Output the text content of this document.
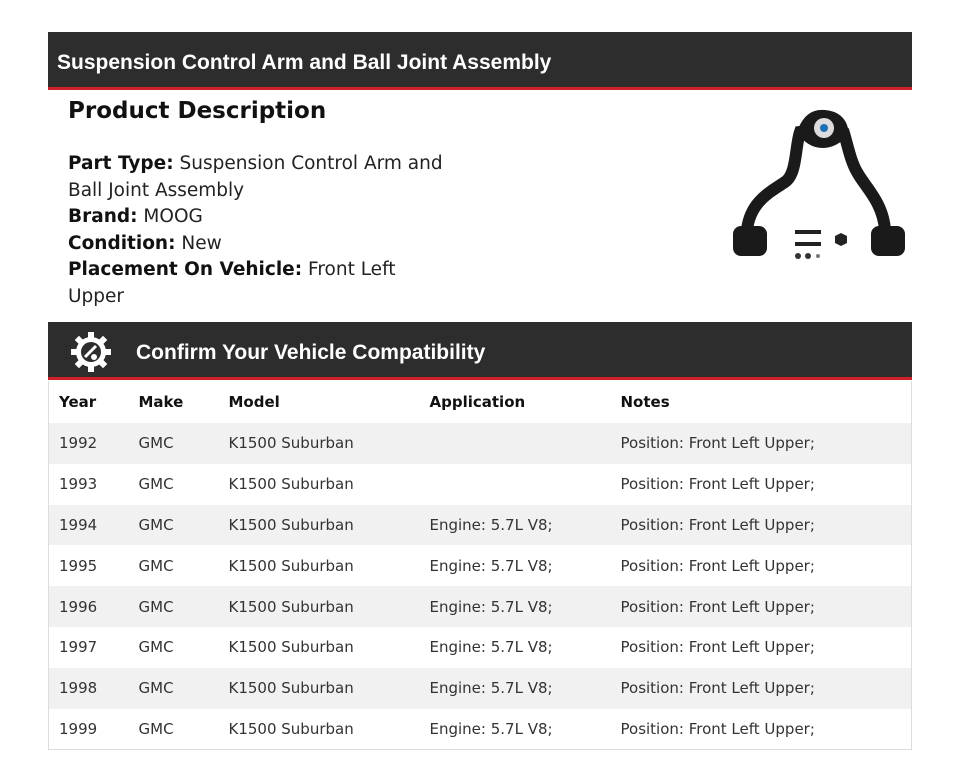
Suspension Control Arm and Ball Joint Assembly
Product Description
Part Type: Suspension Control Arm and Ball Joint Assembly
Brand: MOOG
Condition: New
Placement On Vehicle: Front Left Upper
Confirm Your Vehicle Compatibility
Year	Make	Model	Application	Notes
1992	GMC	K1500 Suburban		Position: Front Left Upper;
1993	GMC	K1500 Suburban		Position: Front Left Upper;
1994	GMC	K1500 Suburban	Engine: 5.7L V8;	Position: Front Left Upper;
1995	GMC	K1500 Suburban	Engine: 5.7L V8;	Position: Front Left Upper;
1996	GMC	K1500 Suburban	Engine: 5.7L V8;	Position: Front Left Upper;
1997	GMC	K1500 Suburban	Engine: 5.7L V8;	Position: Front Left Upper;
1998	GMC	K1500 Suburban	Engine: 5.7L V8;	Position: Front Left Upper;
1999	GMC	K1500 Suburban	Engine: 5.7L V8;	Position: Front Left Upper;
